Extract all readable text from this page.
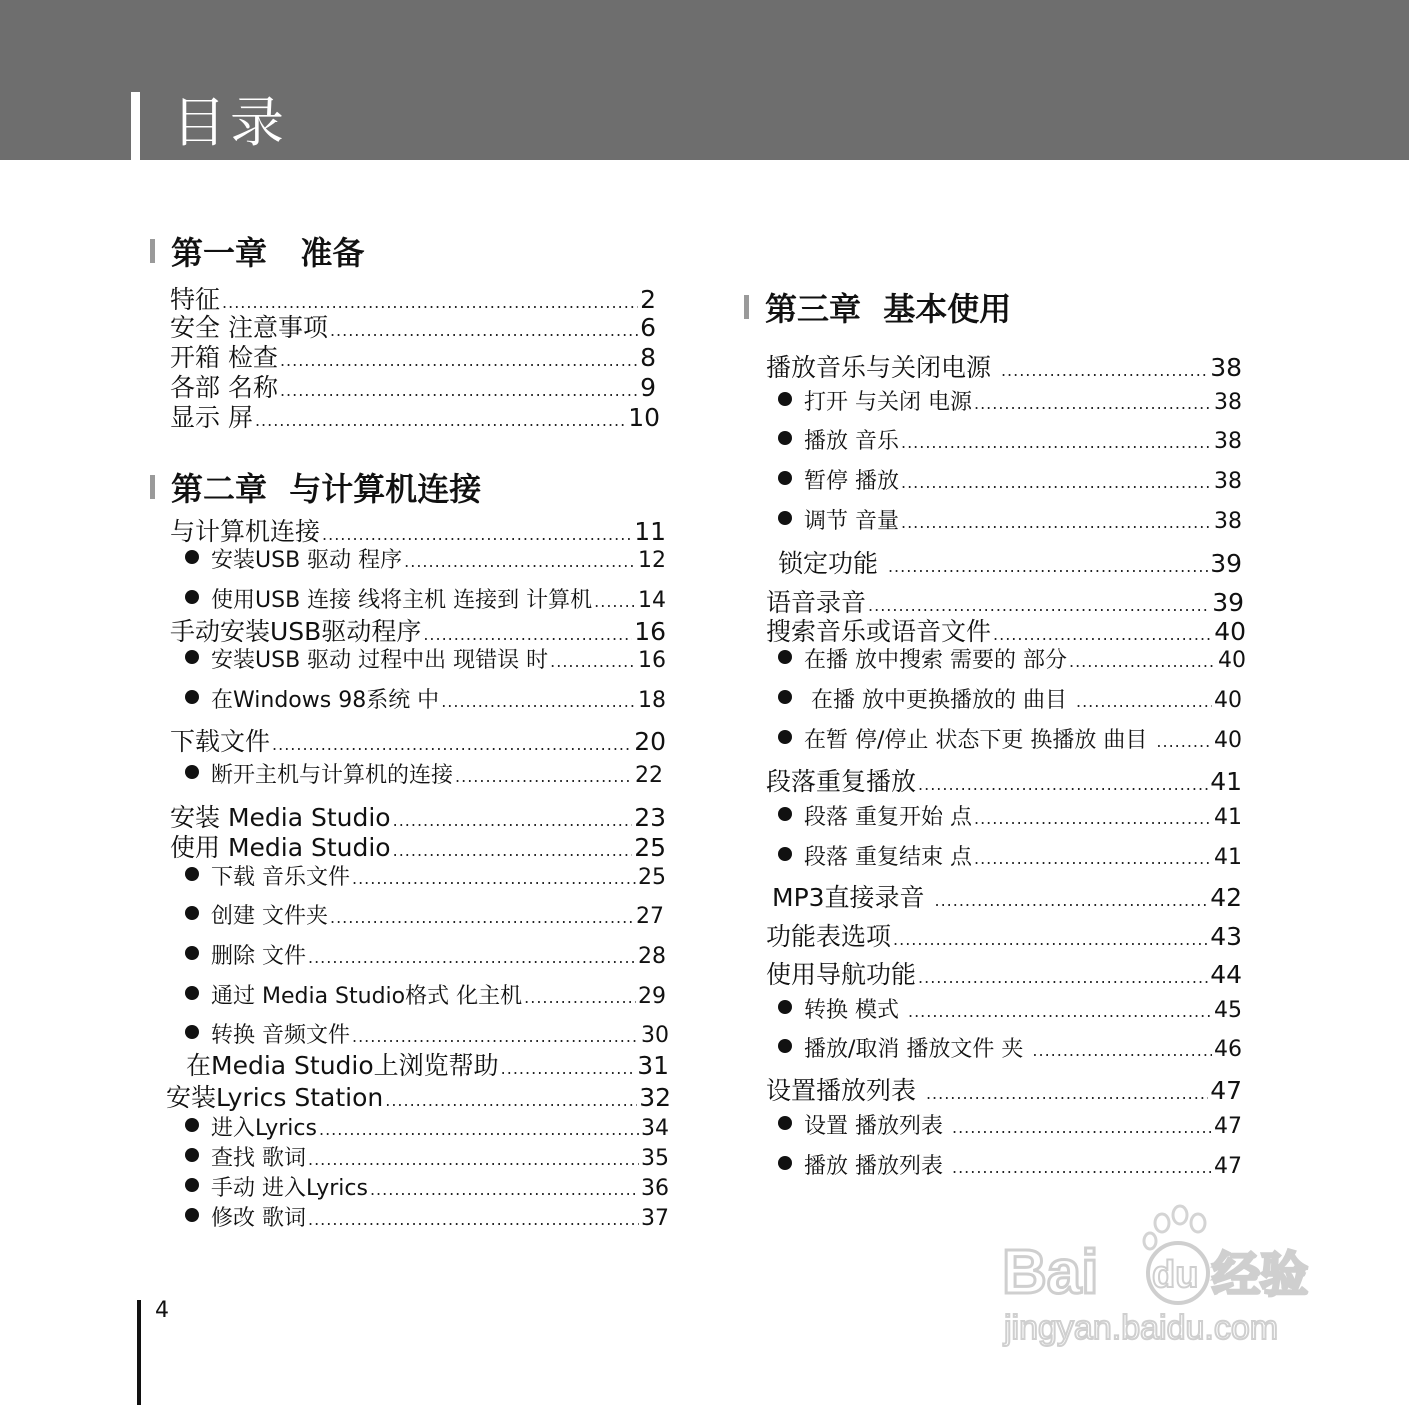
目录
第一章   准备
特征 .....	2
安全 注意事项 .....	6
开箱 检查 .....	8
各部 名称 .....	9
显示 屏 .....	10
第二章  与计算机连接
与计算机连接 .....	11
安装USB 驱动 程序 .....	12
使用USB 连接 线将主机 连接到 计算机 ..... 14
手动安装USB驱动程序 .....	16
安装USB 驱动 过程中出 现错误 时 .....	16
在Windows 98系统 中 .....	18
下载文件 .....	20
断开主机与计算机的连接 .....	22
安装 Media Studio .....	23
使用 Media Studio .....	25
下载 音乐文件 .....	25
创建 文件夹 .....	27
删除 文件 .....	28
通过 Media Studio格式 化主机 .....	29
转换 音频文件 .....	30
在Media Studio上浏览帮助 .....	31
安装Lyrics Station .....	32
进入Lyrics .....	34
查找 歌词 .....	35
手动 进入Lyrics .....	36
修改 歌词 .....	37
第三章  基本使用
播放音乐与关闭电源 .....	38
打开 与关闭 电源 .....	38
播放 音乐 .....	38
暂停 播放 .....	38
调节 音量 .....	38
锁定功能 .....	39
语音录音 .....	39
搜索音乐或语音文件 .....	40
在播 放中搜索 需要的 部分 .....	40
在播 放中更换播放的 曲目 .....	40
在暂 停/停止 状态下更 换播放 曲目 .....	40
段落重复播放 .....	41
段落 重复开始 点 .....	41
段落 重复结束 点 .....	41
MP3直接录音 .....	42
功能表选项 .....	43
使用导航功能 .....	44
转换 模式 .....	45
播放/取消 播放文件 夹 .....	46
设置播放列表 .....	47
设置 播放列表 .....	47
播放 播放列表 .....	47
4
Bai du 经验
jingyan.baidu.com
